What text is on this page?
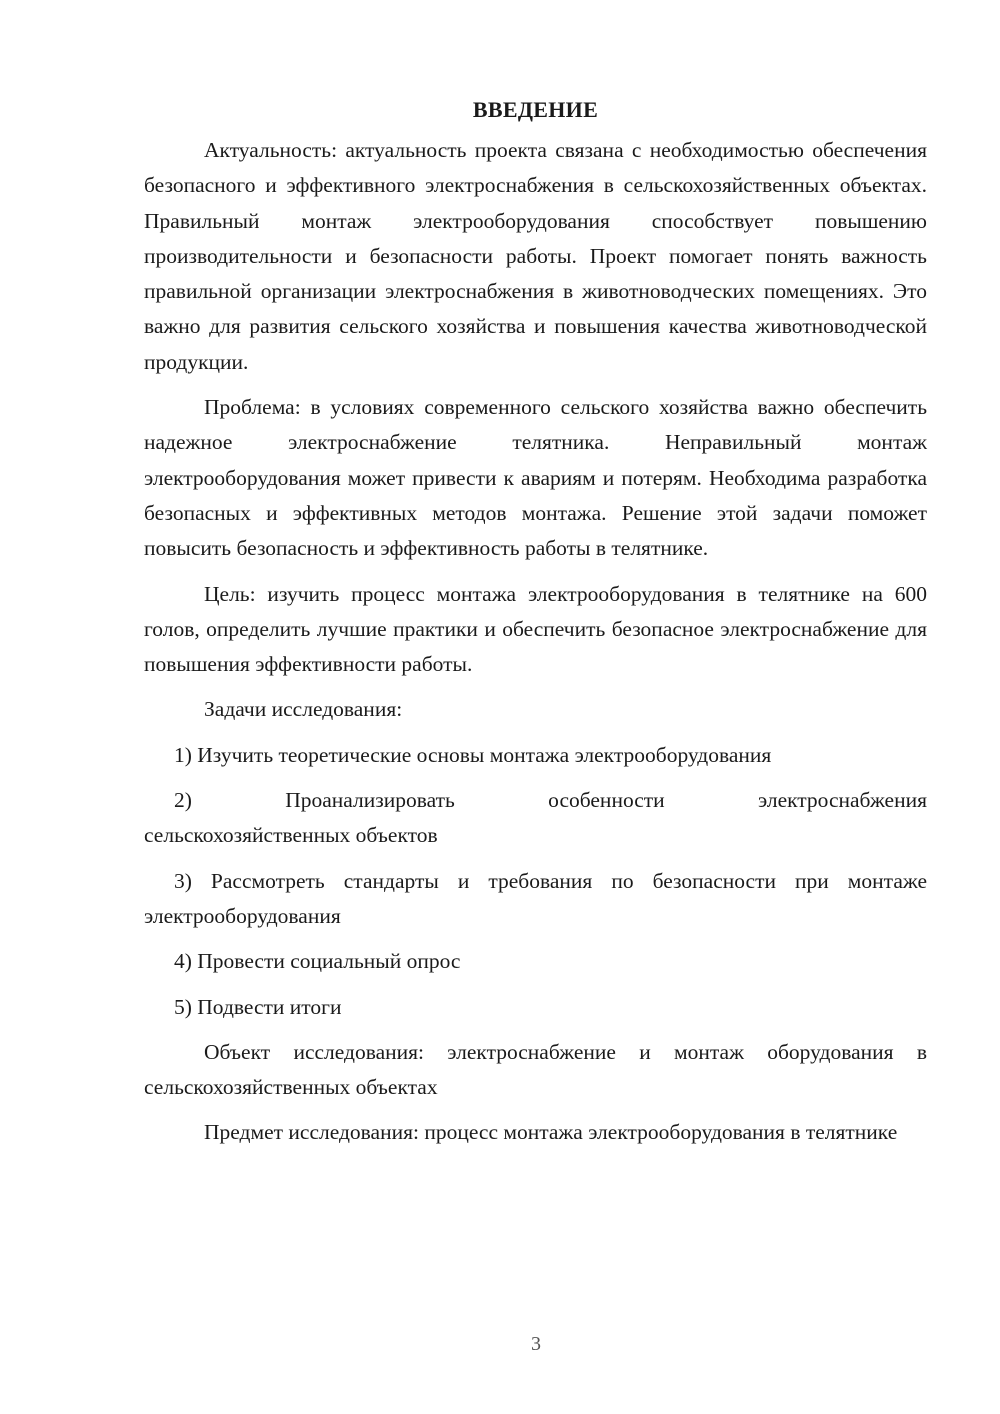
ВВЕДЕНИЕ

Актуальность: актуальность проекта связана с необходимостью обеспечения безопасного и эффективного электроснабжения в сельскохозяйственных объектах. Правильный монтаж электрооборудования способствует повышению производительности и безопасности работы. Проект помогает понять важность правильной организации электроснабжения в животноводческих помещениях. Это важно для развития сельского хозяйства и повышения качества животноводческой продукции.

Проблема: в условиях современного сельского хозяйства важно обеспечить надежное электроснабжение телятника. Неправильный монтаж электрооборудования может привести к авариям и потерям. Необходима разработка безопасных и эффективных методов монтажа. Решение этой задачи поможет повысить безопасность и эффективность работы в телятнике.

Цель: изучить процесс монтажа электрооборудования в телятнике на 600 голов, определить лучшие практики и обеспечить безопасное электроснабжение для повышения эффективности работы.

Задачи исследования:

1) Изучить теоретические основы монтажа электрооборудования

2)	Проанализировать	особенности	электроснабжения
сельскохозяйственных объектов

3) Рассмотреть стандарты и требования по безопасности при монтаже электрооборудования

4) Провести социальный опрос

5) Подвести итоги

Объект исследования: электроснабжение и монтаж оборудования в сельскохозяйственных объектах

Предмет исследования: процесс монтажа электрооборудования в телятнике

3
